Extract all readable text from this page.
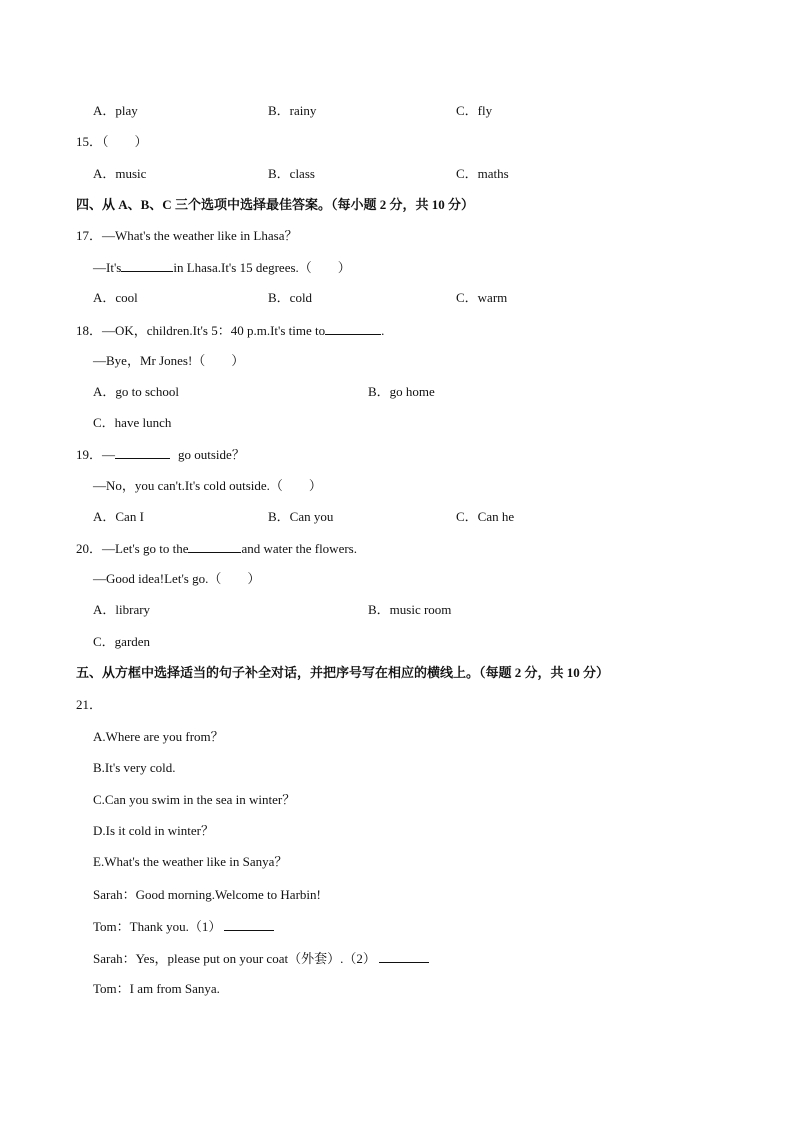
A．play	B．rainy	C．fly
15．（　　）
A．music	B．class	C．maths
四、从 A、B、C 三个选项中选择最佳答案。（每小题 2 分，共 10 分）
17．—What's the weather like in Lhasa？
—It's	in Lhasa.It's 15 degrees.（　　）
A．cool	B．cold	C．warm
18．—OK，children.It's 5：40 p.m.It's time to	.
—Bye，Mr Jones!（　　）
A．go to school	B．go home
C．have lunch
19．—	go outside？
—No，you can't.It's cold outside.（　　）
A．Can I	B．Can you	C．Can he
20．—Let's go to the	and water the flowers.
—Good idea!Let's go.（　　）
A．library	B．music room
C．garden
五、从方框中选择适当的句子补全对话，并把序号写在相应的横线上。（每题 2 分，共 10 分）
21．
A.Where are you from？
B.It's very cold.
C.Can you swim in the sea in winter？
D.Is it cold in winter？
E.What's the weather like in Sanya？
Sarah：Good morning.Welcome to Harbin!
Tom：Thank you.（1）
Sarah：Yes，please put on your coat（外套）.（2）
Tom：I am from Sanya.
